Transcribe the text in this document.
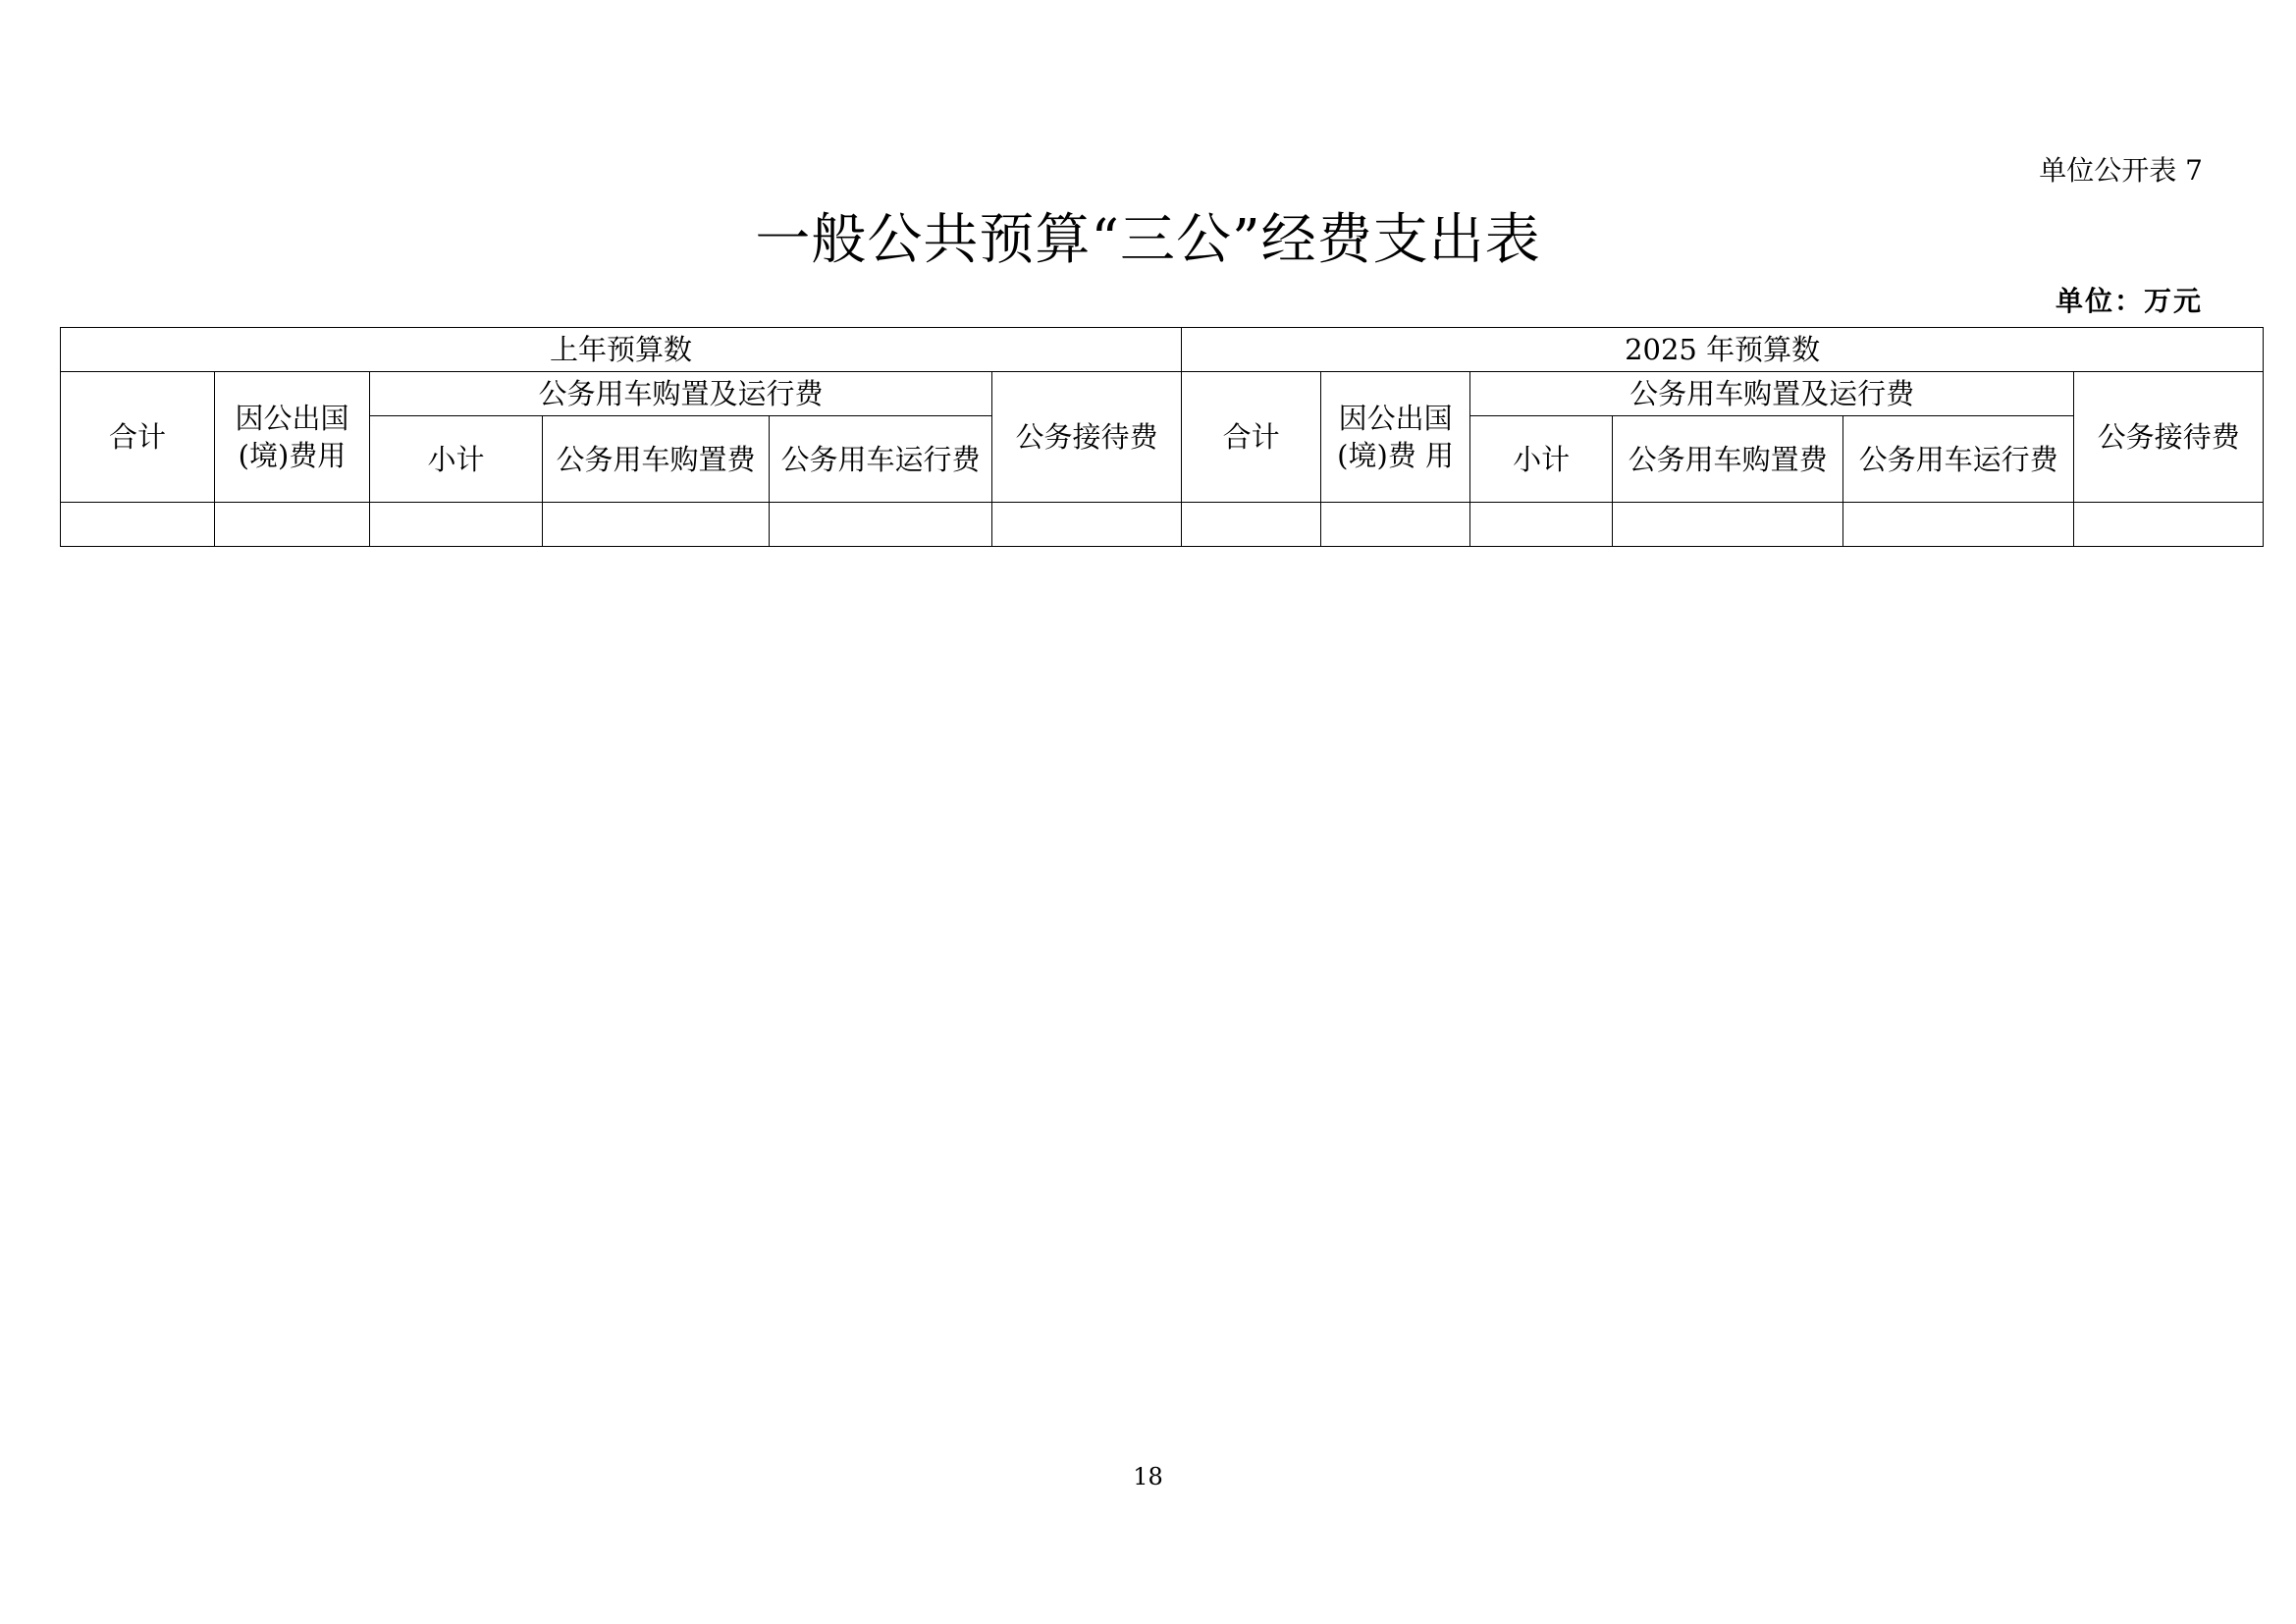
单位公开表 7
一般公共预算“三公”经费支出表
单位：万元
上年预算数						2025 年预算数					
合计	因公出国(境)费用	公务用车购置及运行费			公务接待费	合计	因公出国(境)费 用	公务用车购置及运行费			公务接待费
		小计	公务用车购置费	公务用车运行费				小计	公务用车购置费	公务用车运行费	

18
